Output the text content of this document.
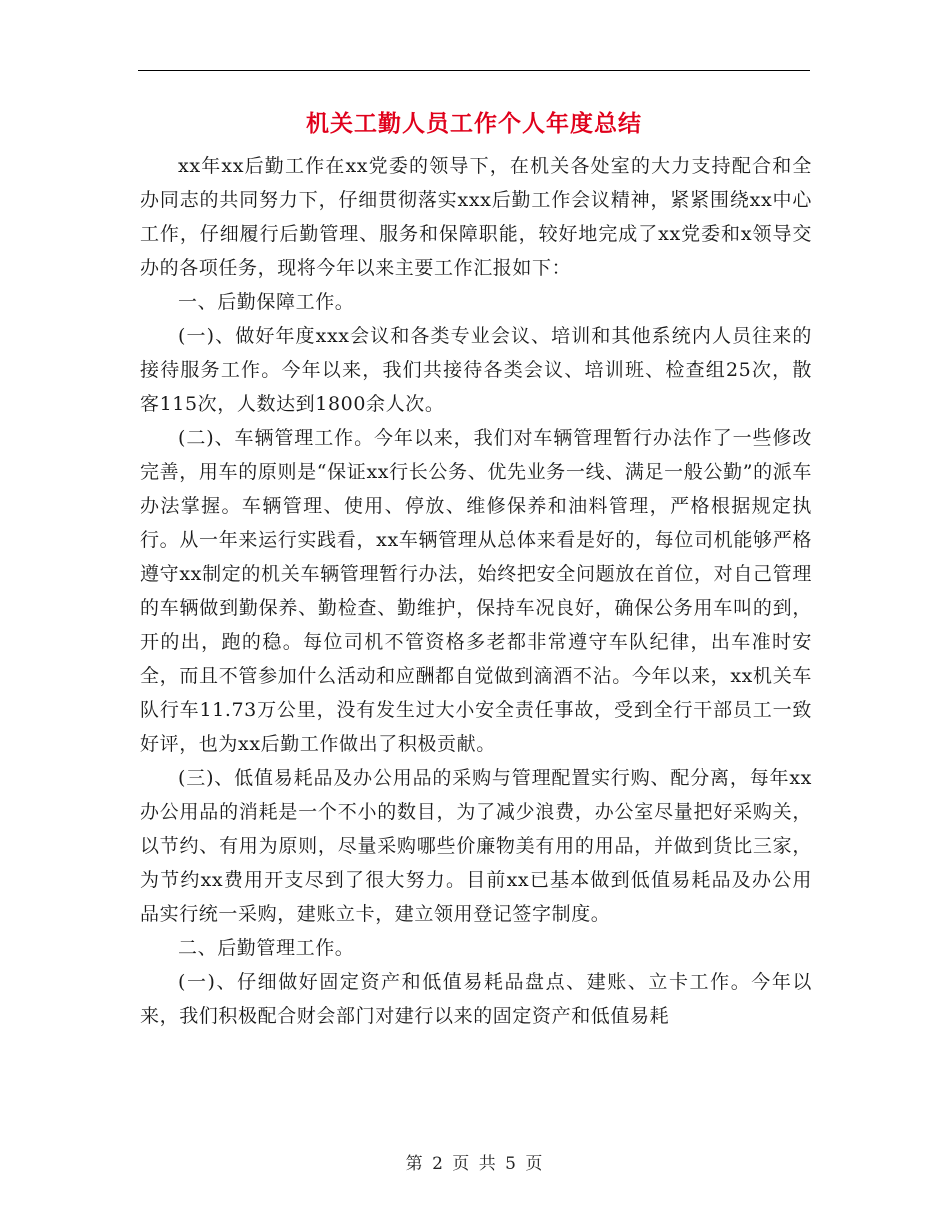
机关工勤人员工作个人年度总结

xx年xx后勤工作在xx党委的领导下，在机关各处室的大力支持配合和全办同志的共同努力下，仔细贯彻落实xxx后勤工作会议精神，紧紧围绕xx中心工作，仔细履行后勤管理、服务和保障职能，较好地完成了xx党委和x领导交办的各项任务，现将今年以来主要工作汇报如下：

一、后勤保障工作。

(一)、做好年度xxx会议和各类专业会议、培训和其他系统内人员往来的接待服务工作。今年以来，我们共接待各类会议、培训班、检查组25次，散客115次，人数达到1800余人次。

(二)、车辆管理工作。今年以来，我们对车辆管理暂行办法作了一些修改完善，用车的原则是“保证xx行长公务、优先业务一线、满足一般公勤”的派车办法掌握。车辆管理、使用、停放、维修保养和油料管理，严格根据规定执行。从一年来运行实践看，xx车辆管理从总体来看是好的，每位司机能够严格遵守xx制定的机关车辆管理暂行办法，始终把安全问题放在首位，对自己管理的车辆做到勤保养、勤检查、勤维护，保持车况良好，确保公务用车叫的到，开的出，跑的稳。每位司机不管资格多老都非常遵守车队纪律，出车准时安全，而且不管参加什么活动和应酬都自觉做到滴酒不沾。今年以来，xx机关车队行车11.73万公里，没有发生过大小安全责任事故，受到全行干部员工一致好评，也为xx后勤工作做出了积极贡献。

(三)、低值易耗品及办公用品的采购与管理配置实行购、配分离，每年xx办公用品的消耗是一个不小的数目，为了减少浪费，办公室尽量把好采购关，以节约、有用为原则，尽量采购哪些价廉物美有用的用品，并做到货比三家，为节约xx费用开支尽到了很大努力。目前xx已基本做到低值易耗品及办公用品实行统一采购，建账立卡，建立领用登记签字制度。

二、后勤管理工作。

(一)、仔细做好固定资产和低值易耗品盘点、建账、立卡工作。今年以来，我们积极配合财会部门对建行以来的固定资产和低值易耗

第 2 页 共 5 页
